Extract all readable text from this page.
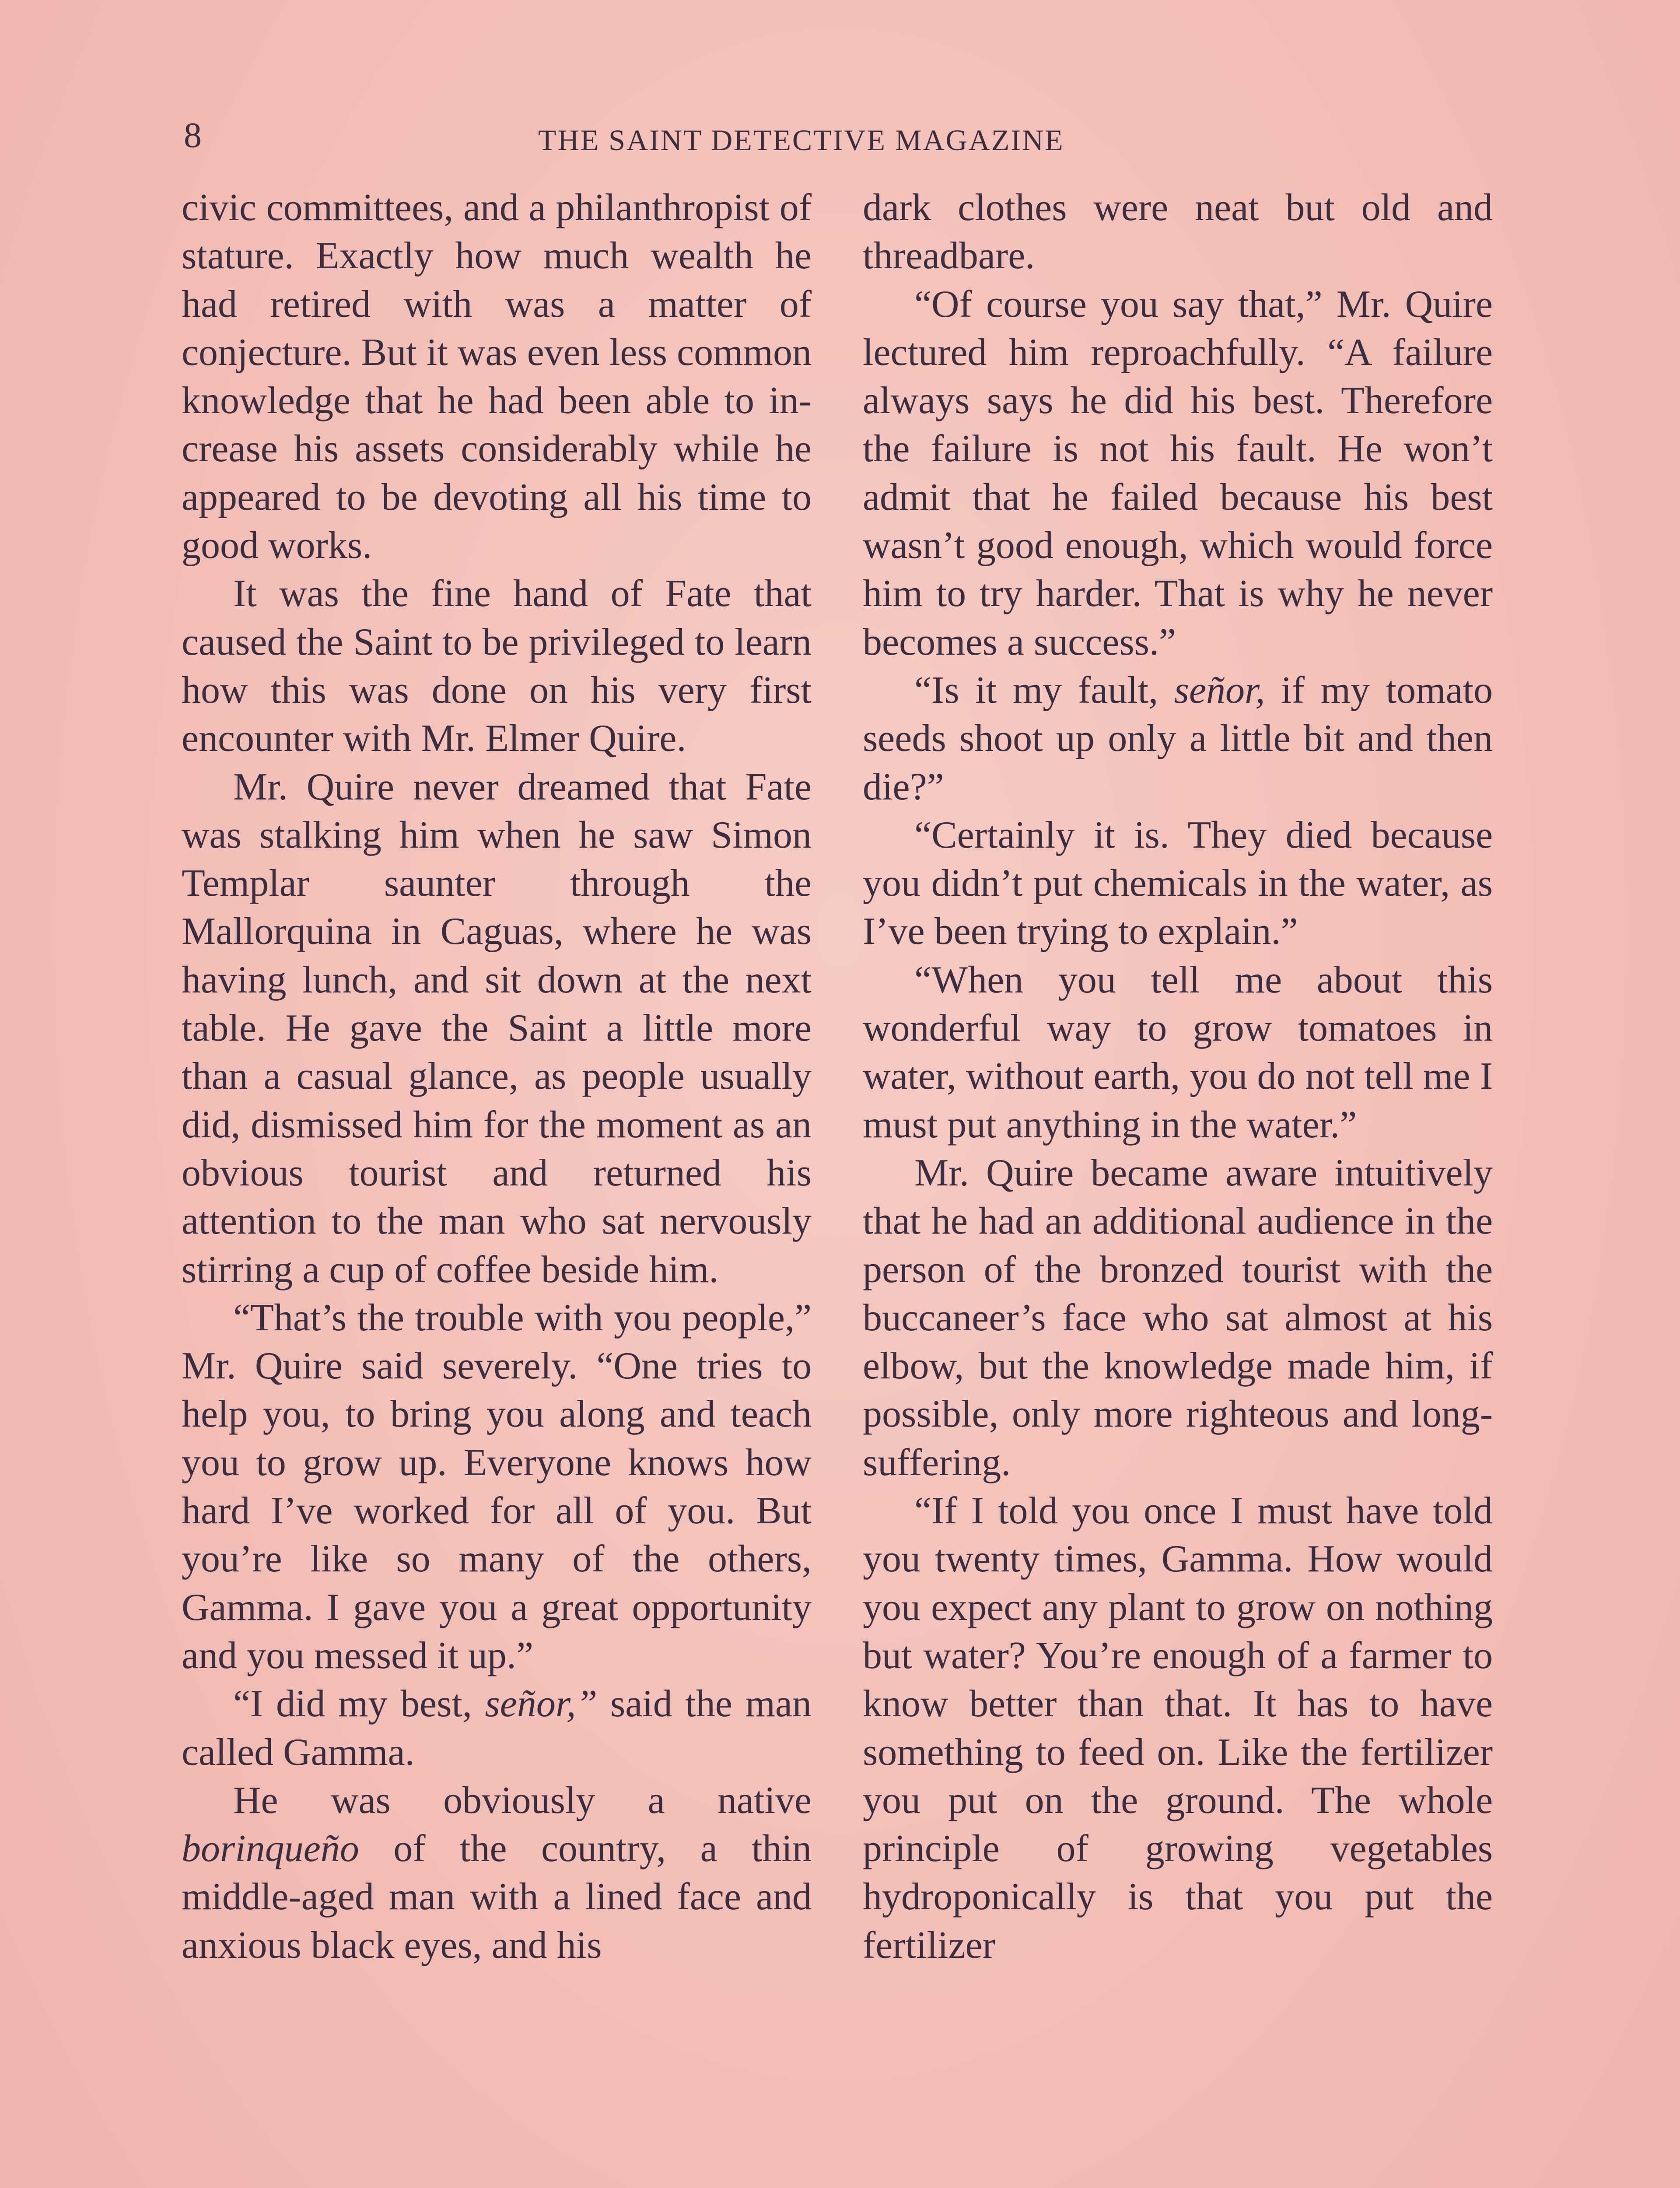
8	THE SAINT DETECTIVE MAGAZINE

civic committees, and a philanthropist of stature. Exactly how much wealth he had retired with was a matter of conjecture. But it was even less common knowledge that he had been able to increase his assets considerably while he appeared to be devoting all his time to good works.

It was the fine hand of Fate that caused the Saint to be privileged to learn how this was done on his very first encounter with Mr. Elmer Quire.

Mr. Quire never dreamed that Fate was stalking him when he saw Simon Templar saunter through the Mallorquina in Caguas, where he was having lunch, and sit down at the next table. He gave the Saint a little more than a casual glance, as people usually did, dismissed him for the moment as an obvious tourist and returned his attention to the man who sat nervously stirring a cup of coffee beside him.

“That’s the trouble with you people,” Mr. Quire said severely. “One tries to help you, to bring you along and teach you to grow up. Everyone knows how hard I’ve worked for all of you. But you’re like so many of the others, Gamma. I gave you a great opportunity and you messed it up.”

“I did my best, señor,” said the man called Gamma.

He was obviously a native borinqueño of the country, a thin middle-aged man with a lined face and anxious black eyes, and his

dark clothes were neat but old and threadbare.

“Of course you say that,” Mr. Quire lectured him reproachfully. “A failure always says he did his best. Therefore the failure is not his fault. He won’t admit that he failed because his best wasn’t good enough, which would force him to try harder. That is why he never becomes a success.”

“Is it my fault, señor, if my tomato seeds shoot up only a little bit and then die?”

“Certainly it is. They died because you didn’t put chemicals in the water, as I’ve been trying to explain.”

“When you tell me about this wonderful way to grow tomatoes in water, without earth, you do not tell me I must put anything in the water.”

Mr. Quire became aware intuitively that he had an additional audience in the person of the bronzed tourist with the buccaneer’s face who sat almost at his elbow, but the knowledge made him, if possible, only more righteous and long-suffering.

“If I told you once I must have told you twenty times, Gamma. How would you expect any plant to grow on nothing but water? You’re enough of a farmer to know better than that. It has to have something to feed on. Like the fertilizer you put on the ground. The whole principle of growing vegetables hydroponically is that you put the fertilizer
